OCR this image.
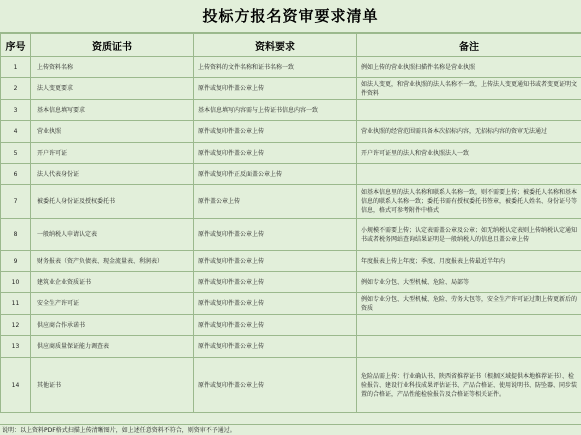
投标方报名资审要求清单
序号	资质证书	资料要求	备注
1	上传资料名称	上传资料的文件名称和证书名称一致	例如上传的营业执照扫描件名称是营业执照
2	法人变更要求	原件或复印件盖公章上传	如法人变更，和营业执照的法人名称不一致，上传法人变更通知书或者变更证明文件资料
3	基本信息填写要求	基本信息填写内容需与上传证书信息内容一致	
4	营业执照	原件或复印件盖公章上传	营业执照的经营范围需具备本次招标内容，无招标内容的资审无法通过
5	开户许可证	原件或复印件盖公章上传	开户许可证里的法人和营业执照法人一致
6	法人代表身份证	原件或复印件正反面盖公章上传	
7	被委托人身份证及授权委托书	原件盖公章上传	如基本信息里的法人名称和联系人名称一致，则不需要上传；被委托人名称和基本信息的联系人名称一致；委托书需有授权委托书签章，被委托人姓名、身份证号等信息，格式可参考附件中格式
8	一般纳税人申请认定表	原件或复印件盖公章上传	小规模不需要上传；认定表需盖公章及公章；如无纳税认定表则上传纳税认定通知书或者税务网站查询结果证明是一般纳税人的信息且盖公章上传
9	财务报表（资产负债表、现金流量表、利润表）	原件或复印件盖公章上传	年度报表上传上年度；季度、月度报表上传最近半年内
10	建筑业企业资质证书	原件或复印件盖公章上传	例如专业分包、大型机械、危险、局部等
11	安全生产许可证	原件或复印件盖公章上传	例如专业分包、大型机械、危险、劳务大包等，安全生产许可证过期上传更新后的资质
12	供应商合作承诺书	原件或复印件盖公章上传	
13	供应商质量保证能力调查表	原件或复印件盖公章上传	
14	其他证书	原件或复印件盖公章上传	危险品需上传：行业确认书、陕西省推荐证书（根据区域提供本地推荐证书）、检验报告、建设行业科技成果评估证书、产品合格证、使用说明书、防坠器、同步装置的合格证，产品性能检验报告及合格证等相关证件。
说明：以上资料PDF格式扫描上传清晰图片，如上述任意资料不符合，则资审不予通过。
